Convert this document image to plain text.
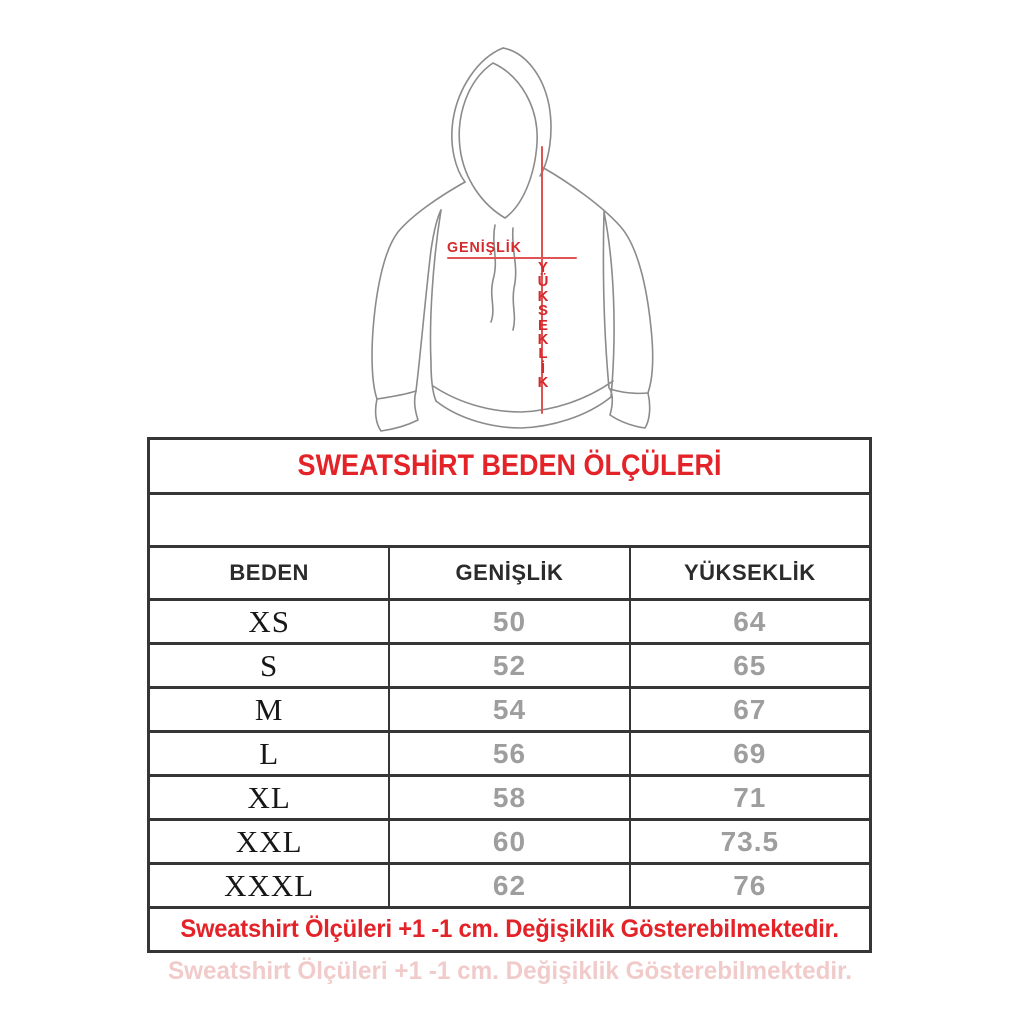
GENİŞLİK
Y
Ü
K
S
E
K
L
İ
K
SWEATSHİRT BEDEN ÖLÇÜLERİ
BEDEN	GENİŞLİK	YÜKSEKLİK
XS	50	64
S	52	65
M	54	67
L	56	69
XL	58	71
XXL	60	73.5
XXXL	62	76
Sweatshirt Ölçüleri +1 -1 cm. Değişiklik Gösterebilmektedir.
Sweatshirt Ölçüleri +1 -1 cm. Değişiklik Gösterebilmektedir.
